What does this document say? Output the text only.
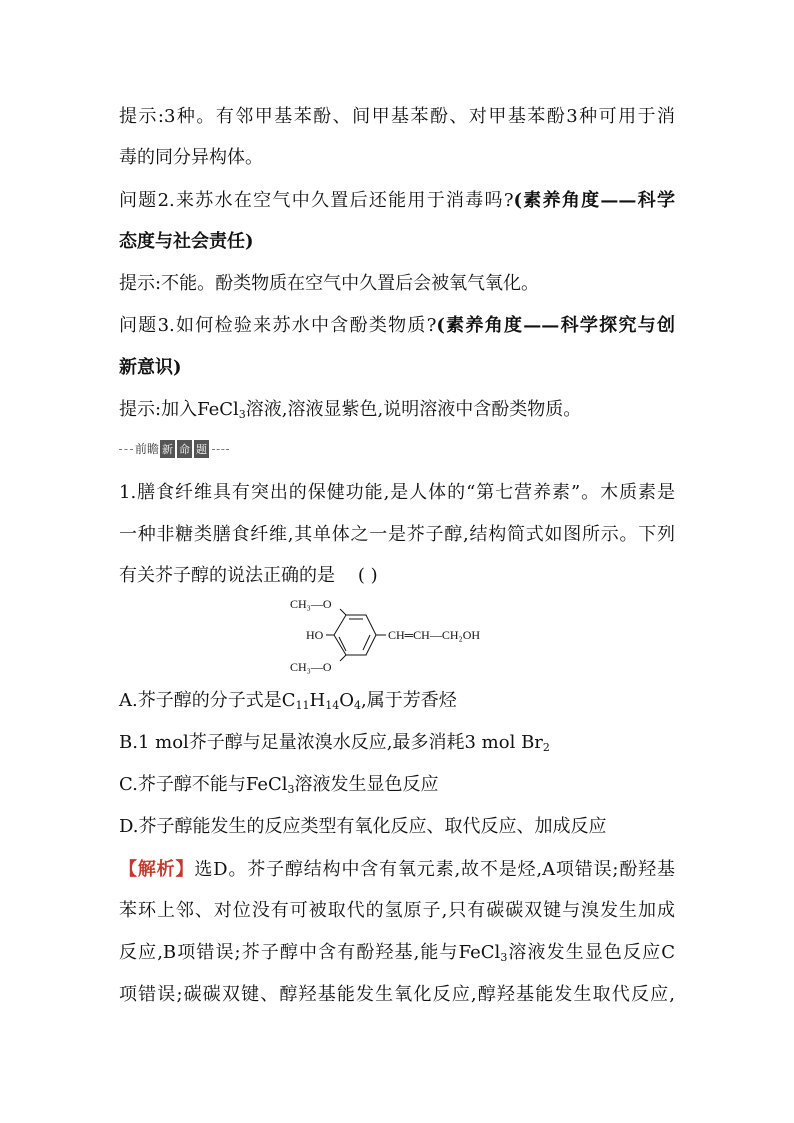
提示:3种。有邻甲基苯酚、间甲基苯酚、对甲基苯酚3种可用于消

毒的同分异构体。

问题2.来苏水在空气中久置后还能用于消毒吗?(素养角度——科学

态度与社会责任)

提示:不能。酚类物质在空气中久置后会被氧气氧化。

问题3.如何检验来苏水中含酚类物质?(素养角度——科学探究与创

新意识)

提示:加入FeCl$_3$溶液,溶液显紫色,说明溶液中含酚类物质。

前瞻 新 命 题

1.膳食纤维具有突出的保健功能,是人体的“第七营养素”。木质素是

一种非糖类膳食纤维,其单体之一是芥子醇,结构简式如图所示。下列

有关芥子醇的说法正确的是 ( )

CH₃—O
HO	CH═CH—CH₂OH
CH₃—O

A.芥子醇的分子式是$C_{11}H_{14}O_4$,属于芳香烃

B.1 mol芥子醇与足量浓溴水反应,最多消耗3 mol $Br_2$

C.芥子醇不能与FeCl$_3$溶液发生显色反应

D.芥子醇能发生的反应类型有氧化反应、取代反应、加成反应

【解析】选D。芥子醇结构中含有氧元素,故不是烃,A项错误;酚羟基

苯环上邻、对位没有可被取代的氢原子,只有碳碳双键与溴发生加成

反应,B项错误;芥子醇中含有酚羟基,能与FeCl$_3$溶液发生显色反应C

项错误;碳碳双键、醇羟基能发生氧化反应,醇羟基能发生取代反应,
